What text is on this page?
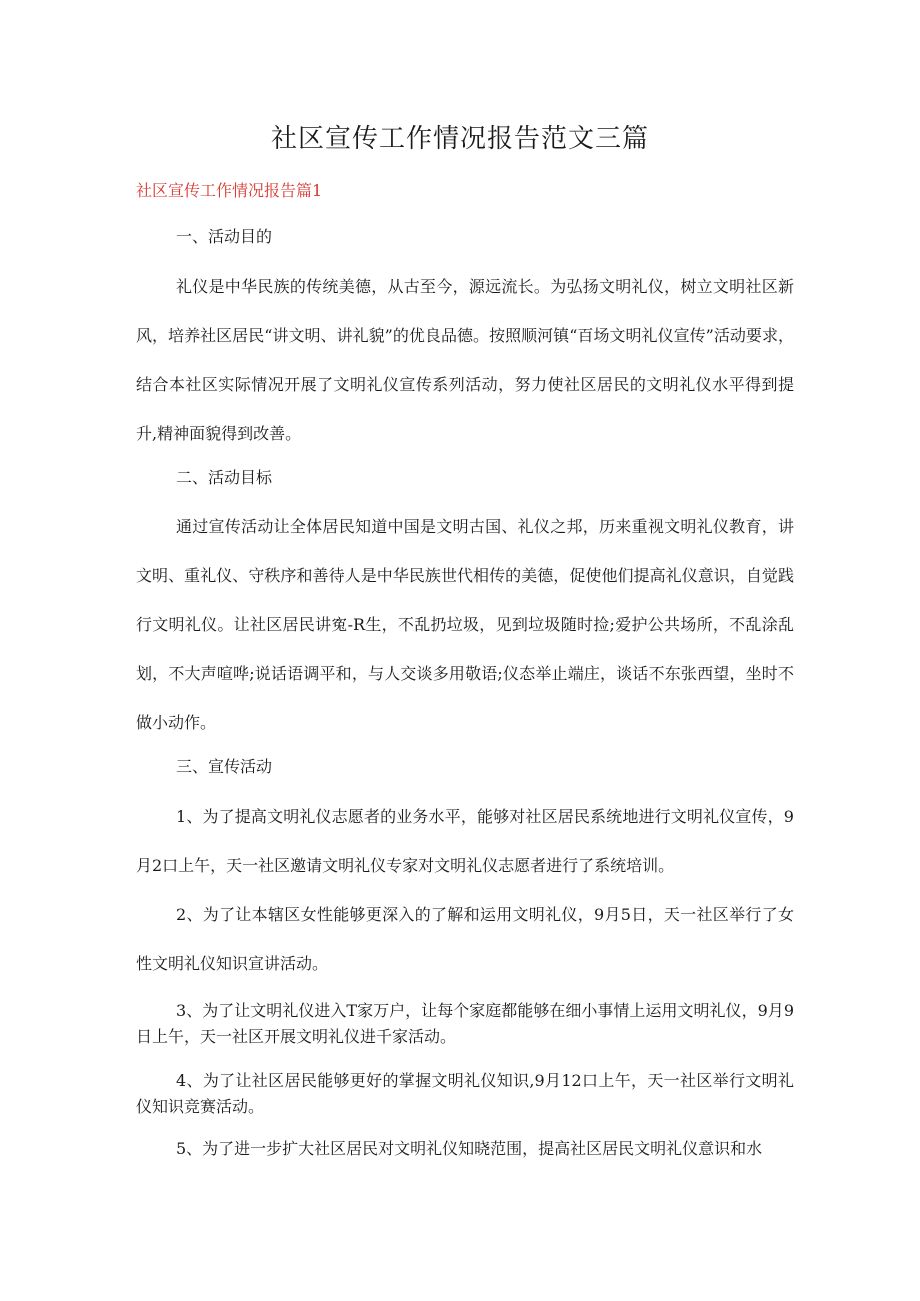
社区宣传工作情况报告范文三篇
社区宣传工作情况报告篇1
一、活动目的

礼仪是中华民族的传统美德，从古至今，源远流长。为弘扬文明礼仪，树立文明社区新风，培养社区居民“讲文明、讲礼貌”的优良品德。按照顺河镇“百场文明礼仪宣传”活动要求，结合本社区实际情况开展了文明礼仪宣传系列活动，努力使社区居民的文明礼仪水平得到提升,精神面貌得到改善。

二、活动目标

通过宣传活动让全体居民知道中国是文明古国、礼仪之邦，历来重视文明礼仪教育，讲文明、重礼仪、守秩序和善待人是中华民族世代相传的美德，促使他们提高礼仪意识，自觉践行文明礼仪。让社区居民讲寃-R生，不乱扔垃圾，见到垃圾随时捡;爱护公共场所，不乱涂乱划，不大声喧哗;说话语调平和，与人交谈多用敬语;仪态举止端庄，谈话不东张西望，坐时不做小动作。

三、宣传活动

1、为了提高文明礼仪志愿者的业务水平，能够对社区居民系统地进行文明礼仪宣传，9月2口上午，天一社区邀请文明礼仪专家对文明礼仪志愿者进行了系统培训。

2、为了让本辖区女性能够更深入的了解和运用文明礼仪，9月5日，天一社区举行了女性文明礼仪知识宣讲活动。

3、为了让文明礼仪进入T家万户，让每个家庭都能够在细小事情上运用文明礼仪，9月9日上午，天一社区开展文明礼仪进千家活动。

4、为了让社区居民能够更好的掌握文明礼仪知识,9月12口上午，天一社区举行文明礼仪知识竞赛活动。

5、为了进一步扩大社区居民对文明礼仪知晓范围，提高社区居民文明礼仪意识和水
